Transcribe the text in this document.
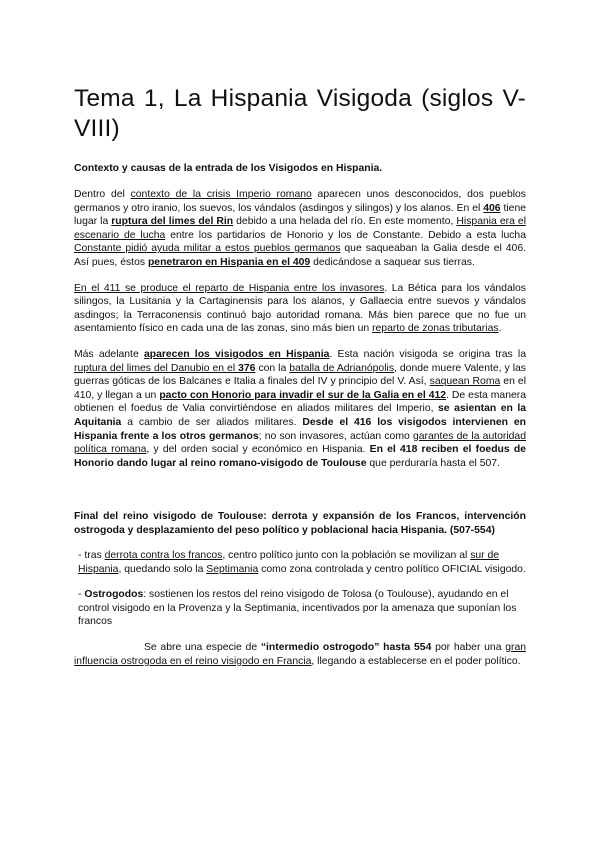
Tema 1, La Hispania Visigoda (siglos V-VIII)
Contexto y causas de la entrada de los Visigodos en Hispania.

Dentro del contexto de la crisis Imperio romano aparecen unos desconocidos, dos pueblos germanos y otro iranio, los suevos, los vándalos (asdingos y silingos) y los alanos. En el 406 tiene lugar la ruptura del limes del Rin debido a una helada del río. En este momento, Hispania era el escenario de lucha entre los partidarios de Honorio y los de Constante. Debido a esta lucha Constante pidió ayuda militar a estos pueblos germanos que saqueaban la Galia desde el 406. Así pues, éstos penetraron en Hispania en el 409 dedicándose a saquear sus tierras.

En el 411 se produce el reparto de Hispania entre los invasores. La Bética para los vándalos silingos, la Lusitania y la Cartaginensis para los alanos, y Gallaecia entre suevos y vándalos asdingos; la Terraconensis continuó bajo autoridad romana. Más bien parece que no fue un asentamiento físico en cada una de las zonas, sino más bien un reparto de zonas tributarias.

Más adelante aparecen los visigodos en Hispania. Esta nación visigoda se origina tras la ruptura del limes del Danubio en el 376 con la batalla de Adrianópolis, donde muere Valente, y las guerras góticas de los Balcanes e Italia a finales del IV y principio del V. Así, saquean Roma en el 410, y llegan a un pacto con Honorio para invadir el sur de la Galia en el 412. De esta manera obtienen el foedus de Valia convirtiéndose en aliados militares del Imperio, se asientan en la Aquitania a cambio de ser aliados militares. Desde el 416 los visigodos intervienen en Hispania frente a los otros germanos; no son invasores, actúan como garantes de la autoridad política romana, y del orden social y económico en Hispania. En el 418 reciben el foedus de Honorio dando lugar al reino romano-visigodo de Toulouse que perduraría hasta el 507.

Final del reino visigodo de Toulouse: derrota y expansión de los Francos, intervención ostrogoda y desplazamiento del peso político y poblacional hacia Hispania. (507-554)

- tras derrota contra los francos, centro político junto con la población se movilizan al sur de Hispania, quedando solo la Septimania como zona controlada y centro político OFICIAL visigodo.

- Ostrogodos: sostienen los restos del reino visigodo de Tolosa (o Toulouse), ayudando en el control visigodo en la Provenza y la Septimania, incentivados por la amenaza que suponían los francos

Se abre una especie de “intermedio ostrogodo” hasta 554 por haber una gran influencia ostrogoda en el reino visigodo en Francia, llegando a establecerse en el poder político.
